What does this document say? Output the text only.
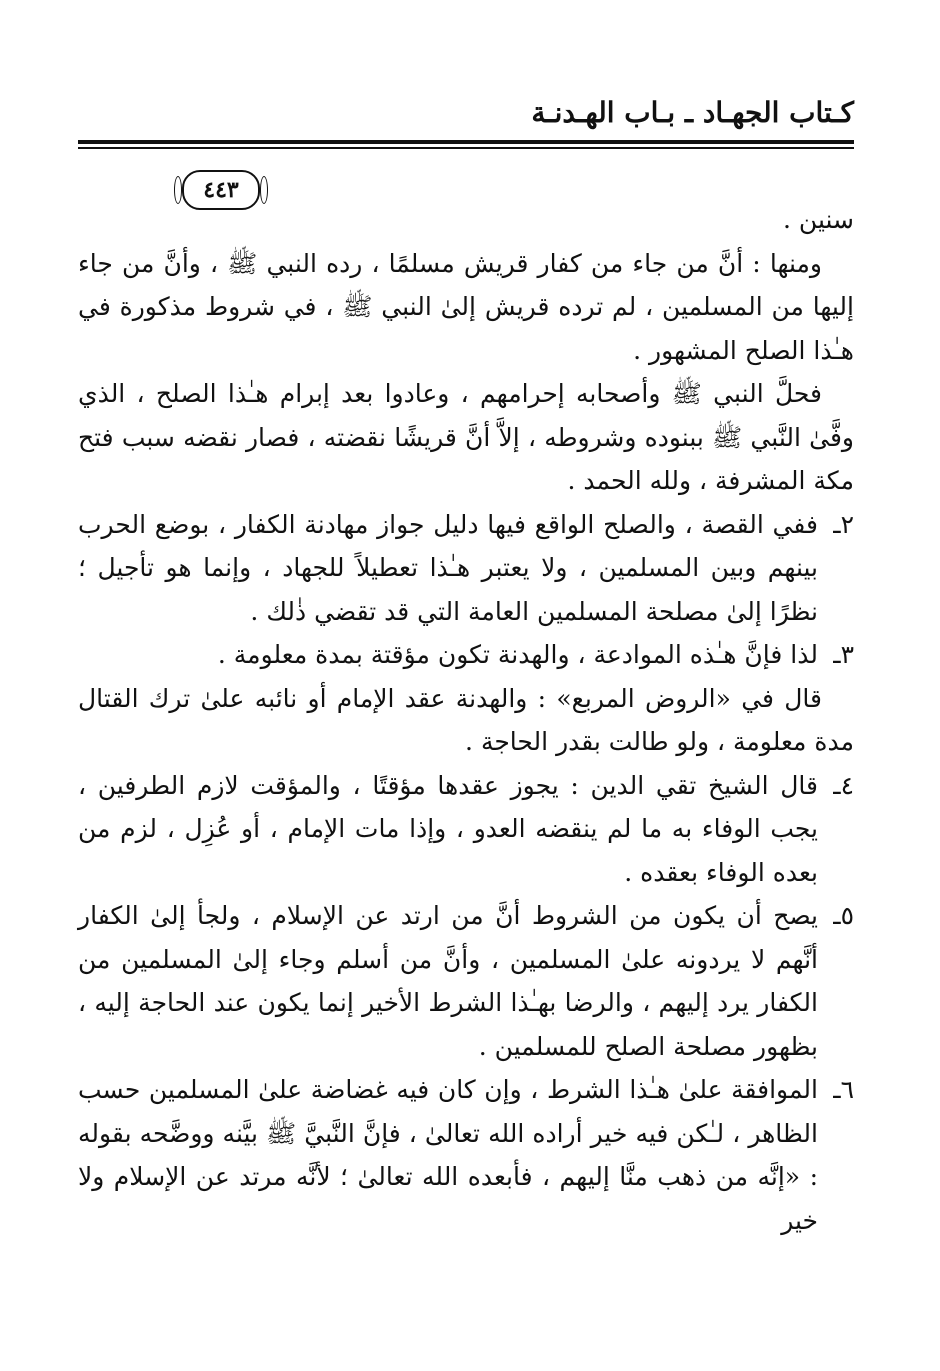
كـتاب الجهـاد ـ بـاب الهـدنـة
٤٤٣

سنين .

ومنها : أنَّ من جاء من كفار قريش مسلمًا ، رده النبي ﷺ ، وأنَّ من جاء إليها من المسلمين ، لم ترده قريش إلىٰ النبي ﷺ ، في شروط مذكورة في هـٰذا الصلح المشهور .

فحلَّ النبي ﷺ وأصحابه إحرامهم ، وعادوا بعد إبرام هـٰذا الصلح ، الذي وفَّىٰ النَّبي ﷺ ببنوده وشروطه ، إلاَّ أنَّ قريشًا نقضته ، فصار نقضه سبب فتح مكة المشرفة ، ولله الحمد .

٢ـ
ففي القصة ، والصلح الواقع فيها دليل جواز مهادنة الكفار ، بوضع الحرب بينهم وبين المسلمين ، ولا يعتبر هـٰذا تعطيلاً للجهاد ، وإنما هو تأجيل ؛ نظرًا إلىٰ مصلحة المسلمين العامة التي قد تقضي ذٰلك .
٣ـ
لذا فإنَّ هـٰذه الموادعة ، والهدنة تكون مؤقتة بمدة معلومة .

قال في «الروض المربع» : والهدنة عقد الإمام أو نائبه علىٰ ترك القتال مدة معلومة ، ولو طالت بقدر الحاجة .

٤ـ
قال الشيخ تقي الدين : يجوز عقدها مؤقتًا ، والمؤقت لازم الطرفين ، يجب الوفاء به ما لم ينقضه العدو ، وإذا مات الإمام ، أو عُزِل ، لزم من بعده الوفاء بعقده .
٥ـ
يصح أن يكون من الشروط أنَّ من ارتد عن الإسلام ، ولجأ إلىٰ الكفار أنَّهم لا يردونه علىٰ المسلمين ، وأنَّ من أسلم وجاء إلىٰ المسلمين من الكفار يرد إليهم ، والرضا بهـٰذا الشرط الأخير إنما يكون عند الحاجة إليه ، بظهور مصلحة الصلح للمسلمين .
٦ـ
الموافقة علىٰ هـٰذا الشرط ، وإن كان فيه غضاضة علىٰ المسلمين حسب الظاهر ، لـٰكن فيه خير أراده الله تعالىٰ ، فإنَّ النَّبيَّ ﷺ بيَّنه ووضَّحه بقوله : «إنَّه من ذهب منَّا إليهم ، فأبعده الله تعالىٰ ؛ لأنَّه مرتد عن الإسلام ولا خير
